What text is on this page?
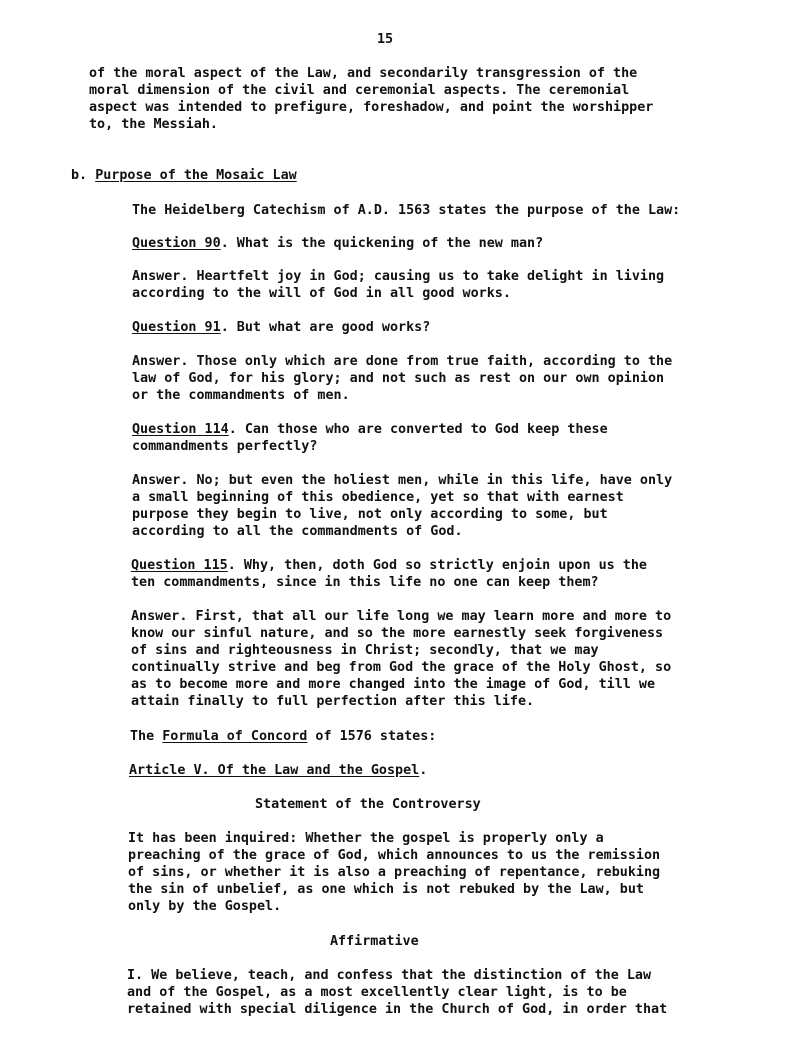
15

of the moral aspect of the Law, and secondarily transgression of the

moral dimension of the civil and ceremonial aspects. The ceremonial

aspect was intended to prefigure, foreshadow, and point the worshipper

to, the Messiah.

b. Purpose of the Mosaic Law

The Heidelberg Catechism of A.D. 1563 states the purpose of the Law:

Question 90. What is the quickening of the new man?

Answer. Heartfelt joy in God; causing us to take delight in living

according to the will of God in all good works.

Question 91. But what are good works?

Answer. Those only which are done from true faith, according to the

law of God, for his glory; and not such as rest on our own opinion

or the commandments of men.

Question 114. Can those who are converted to God keep these

commandments perfectly?

Answer. No; but even the holiest men, while in this life, have only

a small beginning of this obedience, yet so that with earnest

purpose they begin to live, not only according to some, but

according to all the commandments of God.

Question 115. Why, then, doth God so strictly enjoin upon us the

ten commandments, since in this life no one can keep them?

Answer. First, that all our life long we may learn more and more to

know our sinful nature, and so the more earnestly seek forgiveness

of sins and righteousness in Christ; secondly, that we may

continually strive and beg from God the grace of the Holy Ghost, so

as to become more and more changed into the image of God, till we

attain finally to full perfection after this life.

The Formula of Concord of 1576 states:

Article V. Of the Law and the Gospel.

Statement of the Controversy

It has been inquired: Whether the gospel is properly only a

preaching of the grace of God, which announces to us the remission

of sins, or whether it is also a preaching of repentance, rebuking

the sin of unbelief, as one which is not rebuked by the Law, but

only by the Gospel.

Affirmative

I. We believe, teach, and confess that the distinction of the Law

and of the Gospel, as a most excellently clear light, is to be

retained with special diligence in the Church of God, in order that
